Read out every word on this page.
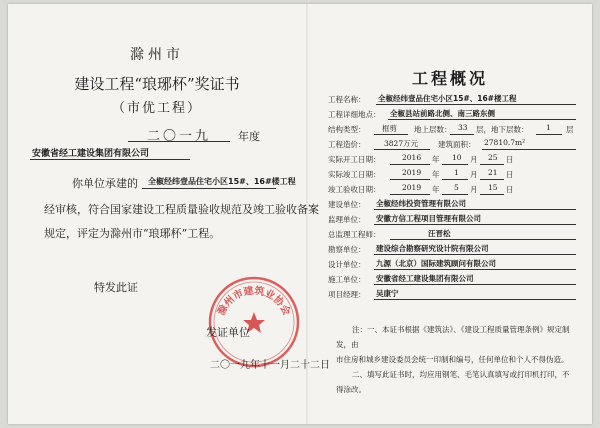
滁州市
建设工程“琅琊杯”奖证书
（市优工程）
二〇一九	年度
安徽省经工建设集团有限公司
你单位承建的 全椒经纬壹品住宅小区15#、16#楼工程
经审核，符合国家建设工程质量验收规范及竣工验收备案
规定，评定为滁州市“琅琊杯”工程。
特发此证
滁州市建筑业协会
发证单位
二〇一九年十一月二十二日
工程概况
工程名称： 全椒经纬壹品住宅小区15#、16#楼工程
工程详细地点： 全椒县站前路北侧、南三路东侧
结构类型： 框剪 地上层数： 33 层，地下层数： 1 层
工程造价： 3827万元	建筑面积： 27810.7m²
实际开工日期：	2016 年 10 月 25 日
实际竣工日期：	2019 年 1 月 21 日
竣工验收日期：	2019 年 5 月 15 日
建设单位： 全椒经纬投资管理有限公司
监理单位： 安徽方信工程项目管理有限公司
总监理工程师：	汪晋松
勘察单位： 建设综合勘察研究设计院有限公司
设计单位： 九源（北京）国际建筑顾问有限公司
施工单位： 安徽省经工建设集团有限公司
项目经理： 吴康宁

注：一、本证书根据《建筑法》、《建设工程质量管理条例》规定制发，由

市住房和城乡建设委员会统一印制和编号，任何单位和个人不得伪造。

二、填写此证书时，均应用钢笔、毛笔认真填写或打印机打印，不得涂改。
